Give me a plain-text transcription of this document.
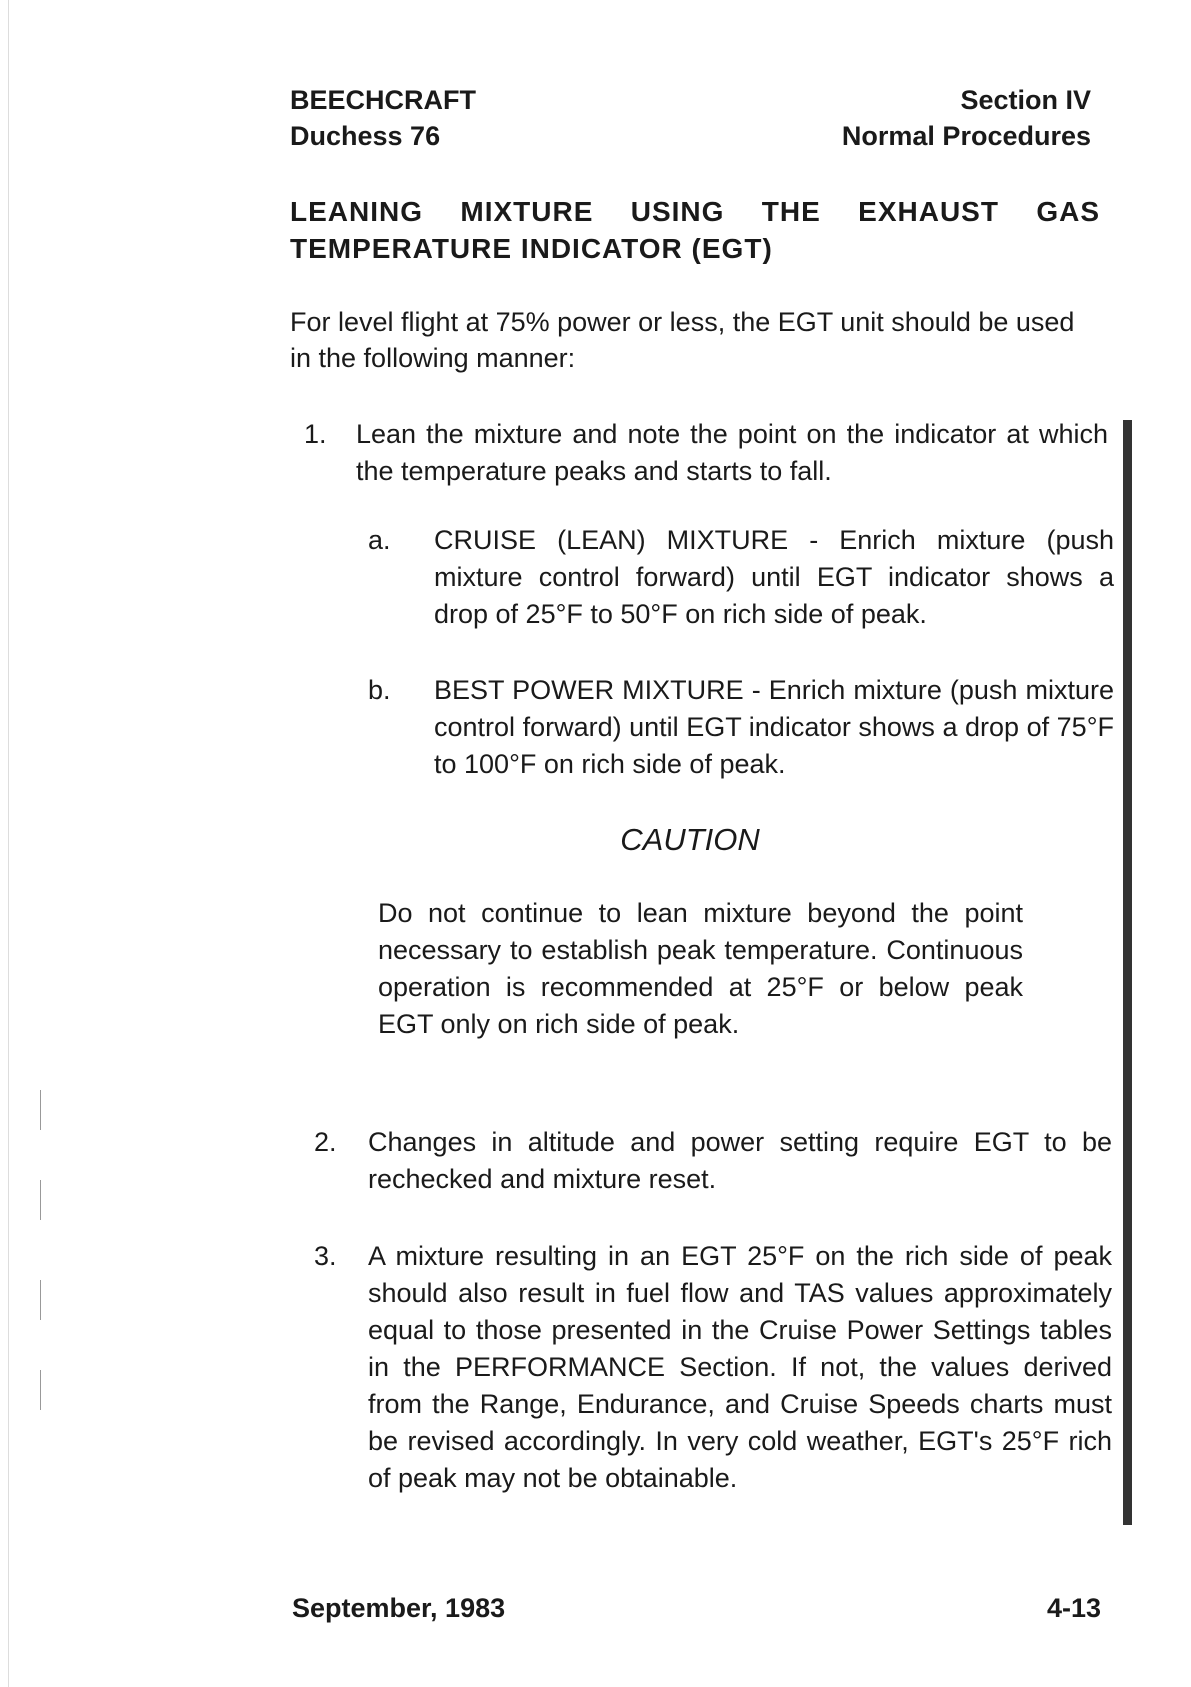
BEECHCRAFT
Duchess 76
Section IV
Normal Procedures
LEANING MIXTURE USING THE EXHAUST GAS
TEMPERATURE INDICATOR (EGT)
For level flight at 75% power or less, the EGT unit should be used in the following manner:
1. Lean the mixture and note the point on the indicator at which the temperature peaks and starts to fall.
a. CRUISE (LEAN) MIXTURE - Enrich mixture (push mixture control forward) until EGT indicator shows a drop of 25°F to 50°F on rich side of peak.
b. BEST POWER MIXTURE - Enrich mixture (push mixture control forward) until EGT indicator shows a drop of 75°F to 100°F on rich side of peak.
CAUTION
Do not continue to lean mixture beyond the point necessary to establish peak temperature. Continuous operation is recommended at 25°F or below peak EGT only on rich side of peak.
2. Changes in altitude and power setting require EGT to be rechecked and mixture reset.
3. A mixture resulting in an EGT 25°F on the rich side of peak should also result in fuel flow and TAS values approximately equal to those presented in the Cruise Power Settings tables in the PERFORMANCE Section. If not, the values derived from the Range, Endurance, and Cruise Speeds charts must be revised accordingly. In very cold weather, EGT's 25°F rich of peak may not be obtainable.
September, 1983	4-13
